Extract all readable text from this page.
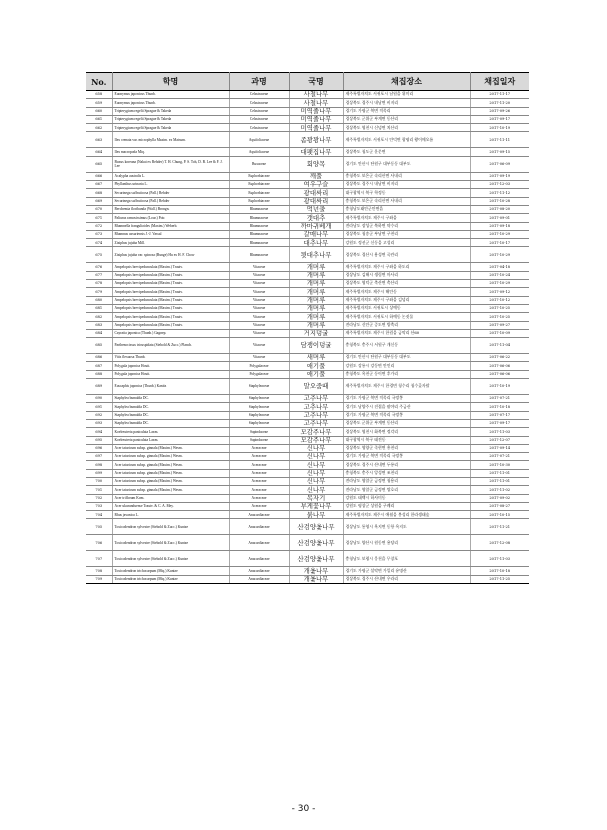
No.	학명	과명	국명	채집장소	채집일자
658	Euonymus japonicus Thunb.	Celastraceae	사철나무	제주특별자치도 서귀포시 남원읍 위미리	2017-11-17
659	Euonymus japonicus Thunb.	Celastraceae	사철나무	경상북도 경주시 내남면 비지리	2017-11-20
660	Tripterygium regelii Sprague & Takeda	Celastraceae	미역줄나무	경기도 가평군 북면 적목리	2017-09-26
661	Tripterygium regelii Sprague & Takeda	Celastraceae	미역줄나무	경상북도 군위군 부계면 동산리	2017-09-17
662	Tripterygium regelii Sprague & Takeda	Celastraceae	미역줄나무	경상북도 영천시 신녕면 치산리	2017-10-19
663	Ilex crenata var. microphylla Maxim. ex Matsum.	Aquifoliaceae	좀꽝꽝나무	제주특별자치도 서귀포시 안덕면 광평리 왕이메오름	2017-11-11
664	Ilex macropoda Miq.	Aquifoliaceae	대팻집나무	경상북도 청도군 운문면	2017-09-15
665	Buxus koreana (Nakai ex Rehder) T. H. Chung, P. S. Toh, D. B. Lee & F. J. Lee	Buxaceae	회양목	경기도 안산시 단원구 대부동동 대부도	2017-06-09
666	Acalypha australis L.	Euphorbiaceae	깨풀	충청북도 보은군 속리산면 사내리	2017-09-19
667	Phyllanthus urinaria L.	Euphorbiaceae	여우구슬	경상북도 경주시 내남면 비지리	2017-12-03
668	Securinega suffruticosa (Pall.) Rehder	Euphorbiaceae	광대싸리	대구광역시 북구 학정동	2017-11-12
669	Securinega suffruticosa (Pall.) Rehder	Euphorbiaceae	광대싸리	충청북도 보은군 속리산면 사내리	2017-10-28
670	Berchemia floribunda (Wall.) Brongn.	Rhamnaceae	먹넌출	충청남도태안군안면읍	2017-08-20
671	Paliurus ramosissimus (Lour.) Poir.	Rhamnaceae	갯대추	제주특별자치도 제주시 구좌읍	2017-09-01
672	Rhamnella frangulioides (Maxim.) Weberb.	Rhamnaceae	까마귀베개	전라남도 장성군 북하면 약수리	2017-09-18
673	Rhamnus ussuriensis J.-J. Vassal	Rhamnaceae	갈매나무	경상북도 청송군 부남면 구천리	2017-10-29
674	Ziziphus jujuba Mill.	Rhamnaceae	대추나무	강원도 정선군 신동읍 고성리	2017-10-17
675	Ziziphus jujuba var. spinosa (Bunge) Hu ex H. F. Chow	Rhamnaceae	묏대추나무	경상북도 경산시 용성면 곡란리	2017-10-29
676	Ampelopsis brevipedunculata (Maxim.) Trautv.	Vitaceae	개머루	제주특별자치도 제주시 구좌읍 하도리	2017-04-18
677	Ampelopsis brevipedunculata (Maxim.) Trautv.	Vitaceae	개머루	경상남도 김해시 생림면 마사리	2017-10-24
678	Ampelopsis brevipedunculata (Maxim.) Trautv.	Vitaceae	개머루	경상북도 영덕군 축산면 축산리	2017-10-29
679	Ampelopsis brevipedunculata (Maxim.) Trautv.	Vitaceae	개머루	제주특별자치도 제주시 해안동	2017-09-12
680	Ampelopsis brevipedunculata (Maxim.) Trautv.	Vitaceae	개머루	제주특별자치도 제주시 구좌읍 김녕리	2017-10-12
681	Ampelopsis brevipedunculata (Maxim.) Trautv.	Vitaceae	개머루	제주특별자치도 서귀포시 상예동	2017-10-25
682	Ampelopsis brevipedunculata (Maxim.) Trautv.	Vitaceae	개머루	제주특별자치도 서귀포시 하예동 논짓물	2017-10-25
683	Ampelopsis brevipedunculata (Maxim.) Trautv.	Vitaceae	개머루	전라남도 신안군 증도면 방축리	2017-09-27
684	Cayratia japonica (Thunb.) Gagnep.	Vitaceae	거지덩굴	제주특별자치도 제주시 한림읍 금악리 산60	2017-10-09
685	Parthenocissus tricuspidata (Siebold & Zucc.) Planch.	Vitaceae	담쟁이덩굴	충청북도 충주시 서원구 개신동	2017-11-04
686	Vitis flexuosa Thunb.	Vitaceae	새머루	경기도 안산시 단원구 대부동동 대부도	2017-06-22
687	Polygala japonica Houtt.	Polygalaceae	애기풀	강원도 강릉시 강동면 안인리	2017-06-06
688	Polygala japonica Houtt.	Polygalaceae	애기풀	충청북도 옥천군 동이면 후가리	2017-06-06
689	Euscaphis japonica (Thunb.) Kanitz	Staphyleaceae	말오줌때	제주특별자치도 제주시 한경면 청수리 청수곶자왈	2017-10-19
690	Staphylea bumalda DC.	Staphyleaceae	고추나무	경기도 가평군 북면 적목리 국망봉	2017-07-21
691	Staphylea bumalda DC.	Staphyleaceae	고추나무	경기도 남양주시 진접읍 팔야리 주금산	2017-10-18
692	Staphylea bumalda DC.	Staphyleaceae	고추나무	경기도 가평군 북면 적목리 국망봉	2017-07-17
693	Staphylea bumalda DC.	Staphyleaceae	고추나무	경상북도 군위군 부계면 동산리	2017-09-17
694	Koelreuteria paniculata Laxm.	Sapindaceae	모감주나무	경상북도 영천시 화북면 정각리	2017-11-03
695	Koelreuteria paniculata Laxm.	Sapindaceae	모감주나무	대구광역시 북구 태전동	2017-12-07
696	Acer tataricum subsp. ginnala (Maxim.) Wesm.	Aceraceae	신나무	경상북도 영양군 죽현면 흥천리	2017-09-14
697	Acer tataricum subsp. ginnala (Maxim.) Wesm.	Aceraceae	신나무	경기도 가평군 북면 적목리 국망봉	2017-07-21
698	Acer tataricum subsp. ginnala (Maxim.) Wesm.	Aceraceae	신나무	경상북도 경주시 산내면 두릉리	2017-10-30
699	Acer tataricum subsp. ginnala (Maxim.) Wesm.	Aceraceae	신나무	충청북도 충주시 앙성면 조천리	2017-11-01
700	Acer tataricum subsp. ginnala (Maxim.) Wesm.	Aceraceae	신나무	전라남도 영암군 금정면 청용리	2017-11-01
701	Acer tataricum subsp. ginnala (Maxim.) Wesm.	Aceraceae	신나무	전라남도 영암군 금정면 쌍호리	2017-11-02
702	Acer triflorum Kom.	Aceraceae	복자기	강원도 태백시 하사미동	2017-09-02
703	Acer ukurunduense Trautv. & C. A. Mey.	Aceraceae	부게꽃나무	강원도 평창군 상원읍 구례리	2017-08-27
704	Rhus javanica L.	Anacardiaceae	붉나무	제주특별자치도 제주시 애월읍 봉성리 한라생태숲	2017-10-15
705	Toxicodendron sylvestre (Siebold & Zucc.) Kuntze	Anacardiaceae	산검양옻나무	경상남도 통영시 욕지면 동항 욕지도	2017-11-21
706	Toxicodendron sylvestre (Siebold & Zucc.) Kuntze	Anacardiaceae	산검양옻나무	경상남도 양산시 원동면 용당리	2017-12-08
707	Toxicodendron sylvestre (Siebold & Zucc.) Kuntze	Anacardiaceae	산검양옻나무	충청남도 보령시 웅천읍 무창포	2017-11-03
708	Toxicodendron trichocarpum (Miq.) Kuntze	Anacardiaceae	개옻나무	경기도 가평군 설악면 가일리 유명산	2017-10-18
709	Toxicodendron trichocarpum (Miq.) Kuntze	Anacardiaceae	개옻나무	경상북도 경주시 산내면 우라리	2017-11-25
- 30 -
